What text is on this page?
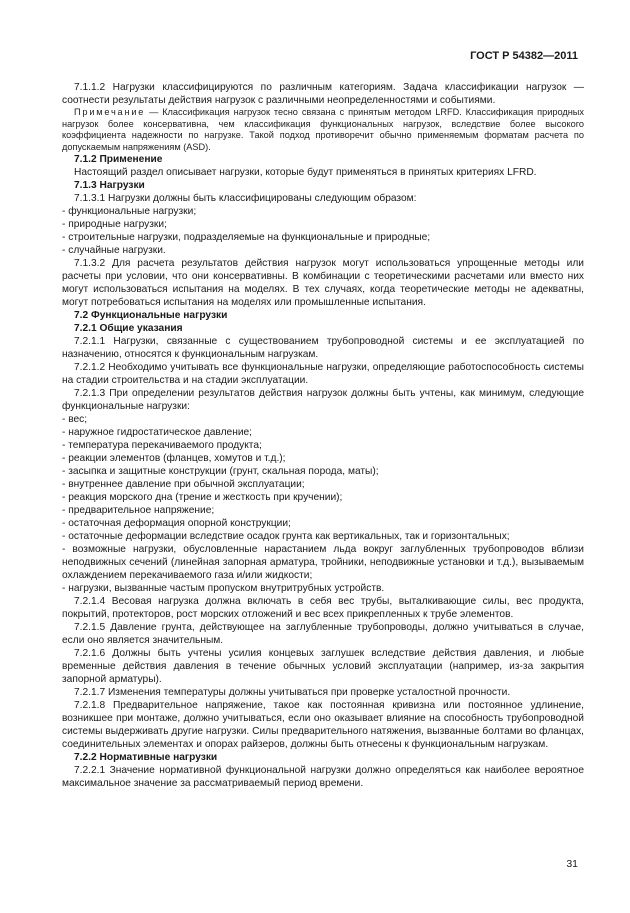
ГОСТ Р 54382—2011

7.1.1.2 Нагрузки классифицируются по различным категориям. Задача классификации нагрузок — соотнести результаты действия нагрузок с различными неопределенностями и событиями.

Примечание — Классификация нагрузок тесно связана с принятым методом LRFD. Классификация природных нагрузок более консервативна, чем классификация функциональных нагрузок, вследствие более высокого коэффициента надежности по нагрузке. Такой подход противоречит обычно применяемым форматам расчета по допускаемым напряжениям (ASD).

7.1.2 Применение

Настоящий раздел описывает нагрузки, которые будут применяться в принятых критериях LFRD.

7.1.3 Нагрузки

7.1.3.1 Нагрузки должны быть классифицированы следующим образом:

- функциональные нагрузки;

- природные нагрузки;

- строительные нагрузки, подразделяемые на функциональные и природные;

- случайные нагрузки.

7.1.3.2 Для расчета результатов действия нагрузок могут использоваться упрощенные методы или расчеты при условии, что они консервативны. В комбинации с теоретическими расчетами или вместо них могут использоваться испытания на моделях. В тех случаях, когда теоретические методы не адекватны, могут потребоваться испытания на моделях или промышленные испытания.

7.2 Функциональные нагрузки

7.2.1 Общие указания

7.2.1.1 Нагрузки, связанные с существованием трубопроводной системы и ее эксплуатацией по назначению, относятся к функциональным нагрузкам.

7.2.1.2 Необходимо учитывать все функциональные нагрузки, определяющие работоспособность системы на стадии строительства и на стадии эксплуатации.

7.2.1.3 При определении результатов действия нагрузок должны быть учтены, как минимум, следующие функциональные нагрузки:

- вес;

- наружное гидростатическое давление;

- температура перекачиваемого продукта;

- реакции элементов (фланцев, хомутов и т.д.);

- засыпка и защитные конструкции (грунт, скальная порода, маты);

- внутреннее давление при обычной эксплуатации;

- реакция морского дна (трение и жесткость при кручении);

- предварительное напряжение;

- остаточная деформация опорной конструкции;

- остаточные деформации вследствие осадок грунта как вертикальных, так и горизонтальных;

- возможные нагрузки, обусловленные нарастанием льда вокруг заглубленных трубопроводов вблизи неподвижных сечений (линейная запорная арматура, тройники, неподвижные установки и т.д.), вызываемым охлаждением перекачиваемого газа и/или жидкости;

- нагрузки, вызванные частым пропуском внутритрубных устройств.

7.2.1.4 Весовая нагрузка должна включать в себя вес трубы, выталкивающие силы, вес продукта, покрытий, протекторов, рост морских отложений и вес всех прикрепленных к трубе элементов.

7.2.1.5 Давление грунта, действующее на заглубленные трубопроводы, должно учитываться в случае, если оно является значительным.

7.2.1.6 Должны быть учтены усилия концевых заглушек вследствие действия давления, и любые временные действия давления в течение обычных условий эксплуатации (например, из-за закрытия запорной арматуры).

7.2.1.7 Изменения температуры должны учитываться при проверке усталостной прочности.

7.2.1.8 Предварительное напряжение, такое как постоянная кривизна или постоянное удлинение, возникшее при монтаже, должно учитываться, если оно оказывает влияние на способность трубопроводной системы выдерживать другие нагрузки. Силы предварительного натяжения, вызванные болтами во фланцах, соединительных элементах и опорах райзеров, должны быть отнесены к функциональным нагрузкам.

7.2.2 Нормативные нагрузки

7.2.2.1 Значение нормативной функциональной нагрузки должно определяться как наиболее вероятное максимальное значение за рассматриваемый период времени.

31
